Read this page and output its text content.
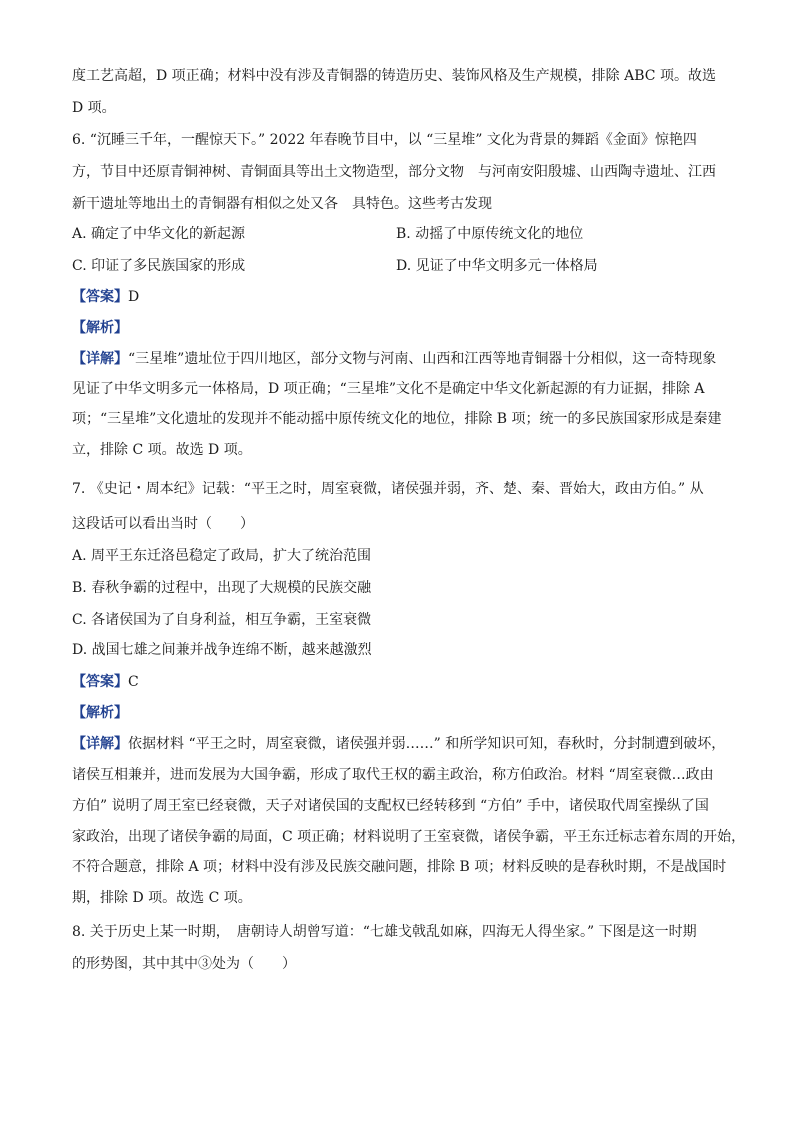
度工艺高超，D 项正确；材料中没有涉及青铜器的铸造历史、装饰风格及生产规模，排除 ABC 项。故选
D 项。
6. “沉睡三千年，一醒惊天下。” 2022 年春晚节目中，以 “三星堆” 文化为背景的舞蹈《金面》惊艳四
方，节目中还原青铜神树、青铜面具等出土文物造型，部分文物　与河南安阳殷墟、山西陶寺遗址、江西
新干遗址等地出土的青铜器有相似之处又各　具特色。这些考古发现
A. 确定了中华文化的新起源	B. 动摇了中原传统文化的地位
C. 印证了多民族国家的形成	D. 见证了中华文明多元一体格局
【答案】D
【解析】
【详解】“三星堆”遗址位于四川地区，部分文物与河南、山西和江西等地青铜器十分相似，这一奇特现象
见证了中华文明多元一体格局，D 项正确；“三星堆”文化不是确定中华文化新起源的有力证据，排除 A
项；“三星堆”文化遗址的发现并不能动摇中原传统文化的地位，排除 B 项；统一的多民族国家形成是秦建
立，排除 C 项。故选 D 项。
7. 《史记・周本纪》记载：“平王之时，周室衰微，诸侯强并弱，齐、楚、秦、晋始大，政由方伯。” 从
这段话可以看出当时（　　）
A. 周平王东迁洛邑稳定了政局，扩大了统治范围
B. 春秋争霸的过程中，出现了大规模的民族交融
C. 各诸侯国为了自身利益，相互争霸，王室衰微
D. 战国七雄之间兼并战争连绵不断，越来越激烈
【答案】C
【解析】
【详解】依据材料 “平王之时，周室衰微，诸侯强并弱……” 和所学知识可知，春秋时，分封制遭到破坏，
诸侯互相兼并，进而发展为大国争霸，形成了取代王权的霸主政治，称方伯政治。材料 “周室衰微…政由
方伯” 说明了周王室已经衰微，天子对诸侯国的支配权已经转移到 “方伯” 手中，诸侯取代周室操纵了国
家政治，出现了诸侯争霸的局面，C 项正确；材料说明了王室衰微，诸侯争霸，平王东迁标志着东周的开始，
不符合题意，排除 A 项；材料中没有涉及民族交融问题，排除 B 项；材料反映的是春秋时期，不是战国时
期，排除 D 项。故选 C 项。
8. 关于历史上某一时期，　唐朝诗人胡曾写道：“七雄戈戟乱如麻，四海无人得坐家。” 下图是这一时期
的形势图，其中其中③处为（　　）
